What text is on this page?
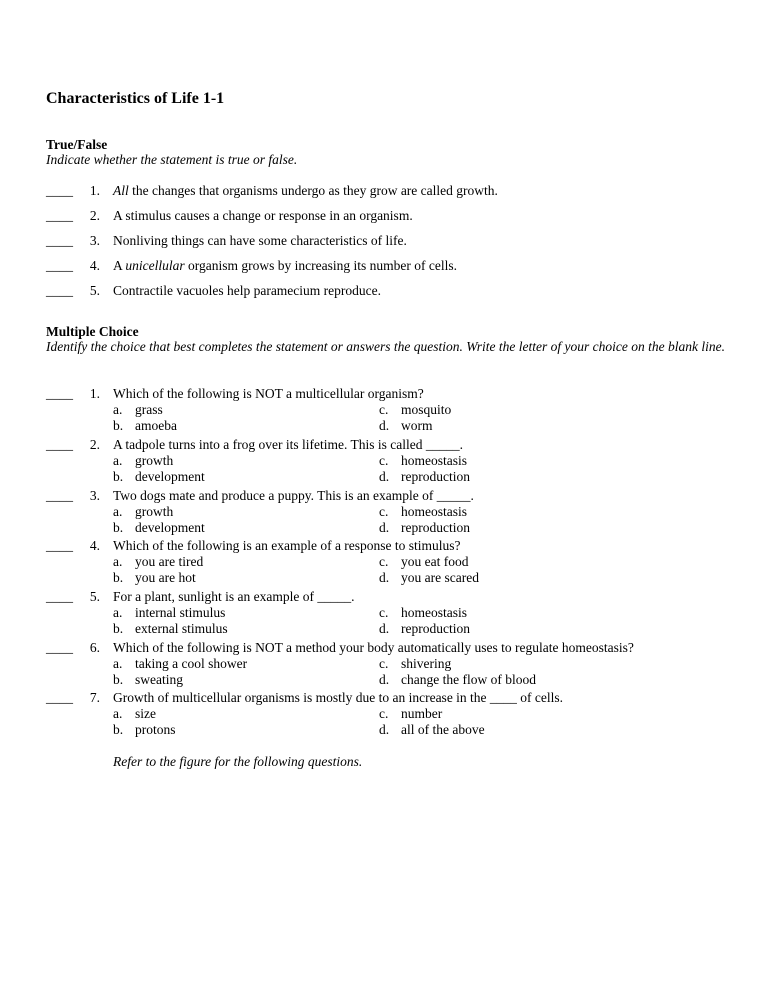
Characteristics of Life 1-1
True/False
Indicate whether the statement is true or false.
____	1. All the changes that organisms undergo as they grow are called growth.
____	2. A stimulus causes a change or response in an organism.
____	3. Nonliving things can have some characteristics of life.
____	4. A unicellular organism grows by increasing its number of cells.
____	5. Contractile vacuoles help paramecium reproduce.
Multiple Choice
Identify the choice that best completes the statement or answers the question. Write the letter of your choice on the blank line.
____	1. Which of the following is NOT a multicellular organism?
a. grass
b. amoeba
c. mosquito
d. worm
____	2. A tadpole turns into a frog over its lifetime. This is called _____.
a. growth
b. development
c. homeostasis
d. reproduction
____	3. Two dogs mate and produce a puppy. This is an example of _____.
a. growth
b. development
c. homeostasis
d. reproduction
____	4. Which of the following is an example of a response to stimulus?
a. you are tired
b. you are hot
c. you eat food
d. you are scared
____	5. For a plant, sunlight is an example of _____.
a. internal stimulus
b. external stimulus
c. homeostasis
d. reproduction
____	6. Which of the following is NOT a method your body automatically uses to regulate homeostasis?
a. taking a cool shower
b. sweating
c. shivering
d. change the flow of blood
____	7. Growth of multicellular organisms is mostly due to an increase in the ____ of cells.
a. size
b. protons
c. number
d. all of the above
Refer to the figure for the following questions.
